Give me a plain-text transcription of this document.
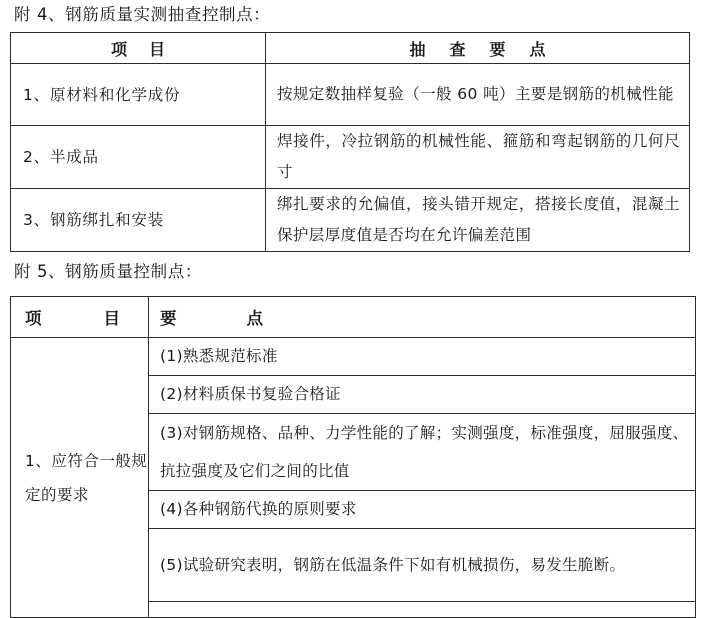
附 4、钢筋质量实测抽查控制点：
项目	抽查要点
1、原材料和化学成份	按规定数抽样复验（一般 60 吨）主要是钢筋的机械性能
2、半成品	焊接件，冷拉钢筋的机械性能、箍筋和弯起钢筋的几何尺寸
3、钢筋绑扎和安装	绑扎要求的允偏值，接头错开规定，搭接长度值，混凝土保护层厚度值是否均在允许偏差范围
附 5、钢筋质量控制点：
项 目	要 点

1、应符合一般规定的要求	(1)熟悉规范标准
	(2)材料质保书复验合格证
	(3)对钢筋规格、品种、力学性能的了解；实测强度，标准强度，屈服强度、抗拉强度及它们之间的比值
	(4)各种钢筋代换的原则要求
	(5)试验研究表明，钢筋在低温条件下如有机械损伤，易发生脆断。
